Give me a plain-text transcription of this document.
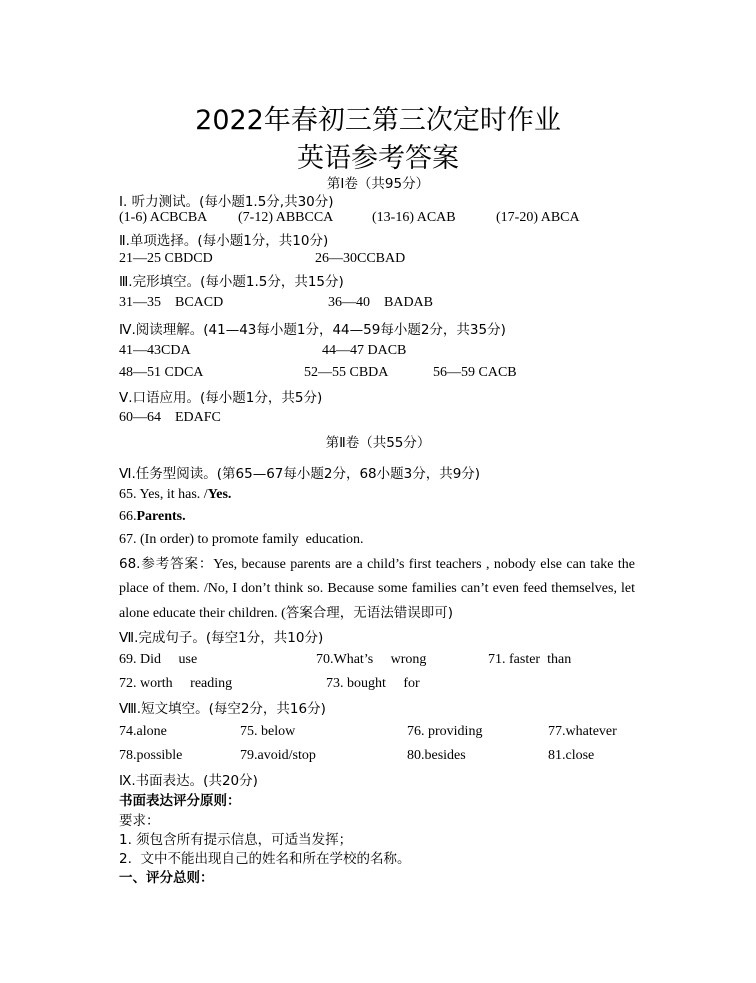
2022年春初三第三次定时作业
英语参考答案
第Ⅰ卷（共95分）
Ⅰ. 听力测试。(每小题1.5分,共30分)
(1-6) ACBCBA (7-12) ABBCCA	(13-16) ACAB	(17-20) ABCA
Ⅱ.单项选择。(每小题1分，共10分)
21—25 CBDCD	26—30CCBAD
Ⅲ.完形填空。(每小题1.5分，共15分)
31—35    BCACD	36—40    BADAB
Ⅳ.阅读理解。(41—43每小题1分，44—59每小题2分，共35分)
41—43CDA	44—47 DACB
48—51 CDCA	52—55 CBDA	56—59 CACB
Ⅴ.口语应用。(每小题1分，共5分)
60—64    EDAFC
第Ⅱ卷（共55分）
Ⅵ.任务型阅读。(第65—67每小题2分，68小题3分，共9分)
65. Yes, it has. /Yes.
66.Parents.
67. (In order) to promote family  education.
68.参考答案：Yes, because parents are a child’s first teachers , nobody else can take the place of them. /No, I don’t think so. Because some families can’t even feed themselves, let alone educate their children. (答案合理，无语法错误即可)
Ⅶ.完成句子。(每空1分，共10分)
69. Did     use	70.What’s     wrong	71. faster  than
72. worth     reading	73. bought     for
Ⅷ.短文填空。(每空2分，共16分)
74.alone	75. below	76. providing	77.whatever
78.possible	79.avoid/stop	80.besides	81.close
Ⅸ.书面表达。(共20分)
书面表达评分原则：
要求：
1. 须包含所有提示信息，可适当发挥；
2.  文中不能出现自己的姓名和所在学校的名称。
一、评分总则：
